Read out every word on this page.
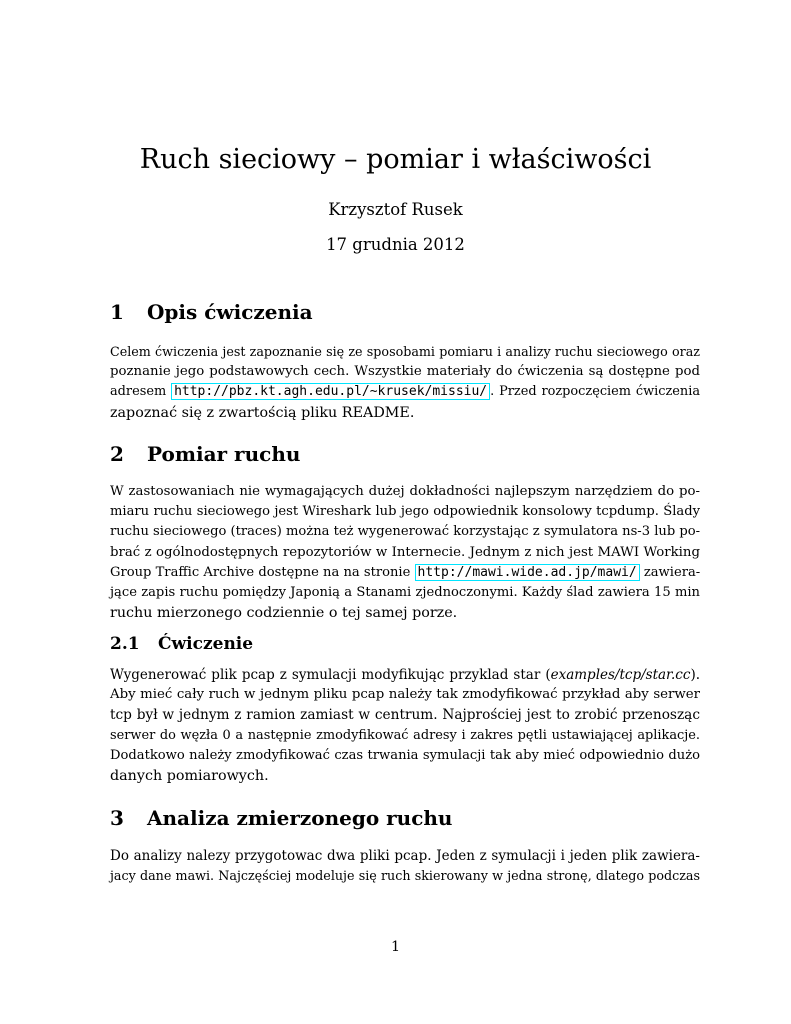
Ruch sieciowy – pomiar i właściwości
Krzysztof Rusek
17 grudnia 2012
1 Opis ćwiczenia
Celem ćwiczenia jest zapoznanie się ze sposobami pomiaru i analizy ruchu sieciowego oraz
poznanie jego podstawowych cech. Wszystkie materiały do ćwiczenia są dostępne pod
adresem http://pbz.kt.agh.edu.pl/~krusek/missiu/ . Przed rozpoczęciem ćwiczenia
zapoznać się z zwartością pliku README.
2 Pomiar ruchu
W zastosowaniach nie wymagających dużej dokładności najlepszym narzędziem do po-
miaru ruchu sieciowego jest Wireshark lub jego odpowiednik konsolowy tcpdump. Ślady
ruchu sieciowego (traces) można też wygenerować korzystając z symulatora ns-3 lub po-
brać z ogólnodostępnych repozytoriów w Internecie. Jednym z nich jest MAWI Working
Group Traffic Archive dostępne na na stronie http://mawi.wide.ad.jp/mawi/ zawiera-
jące zapis ruchu pomiędzy Japonią a Stanami zjednoczonymi. Każdy ślad zawiera 15 min
ruchu mierzonego codziennie o tej samej porze.
2.1 Ćwiczenie
Wygenerować plik pcap z symulacji modyfikując przyklad star (examples/tcp/star.cc).
Aby mieć cały ruch w jednym pliku pcap należy tak zmodyfikować przykład aby serwer
tcp był w jednym z ramion zamiast w centrum. Najprościej jest to zrobić przenosząc
serwer do węzła 0 a następnie zmodyfikować adresy i zakres pętli ustawiającej aplikacje.
Dodatkowo należy zmodyfikować czas trwania symulacji tak aby mieć odpowiednio dużo
danych pomiarowych.
3 Analiza zmierzonego ruchu
Do analizy nalezy przygotowac dwa pliki pcap. Jeden z symulacji i jeden plik zawiera-
jacy dane mawi. Najczęściej modeluje się ruch skierowany w jedna stronę, dlatego podczas
1
